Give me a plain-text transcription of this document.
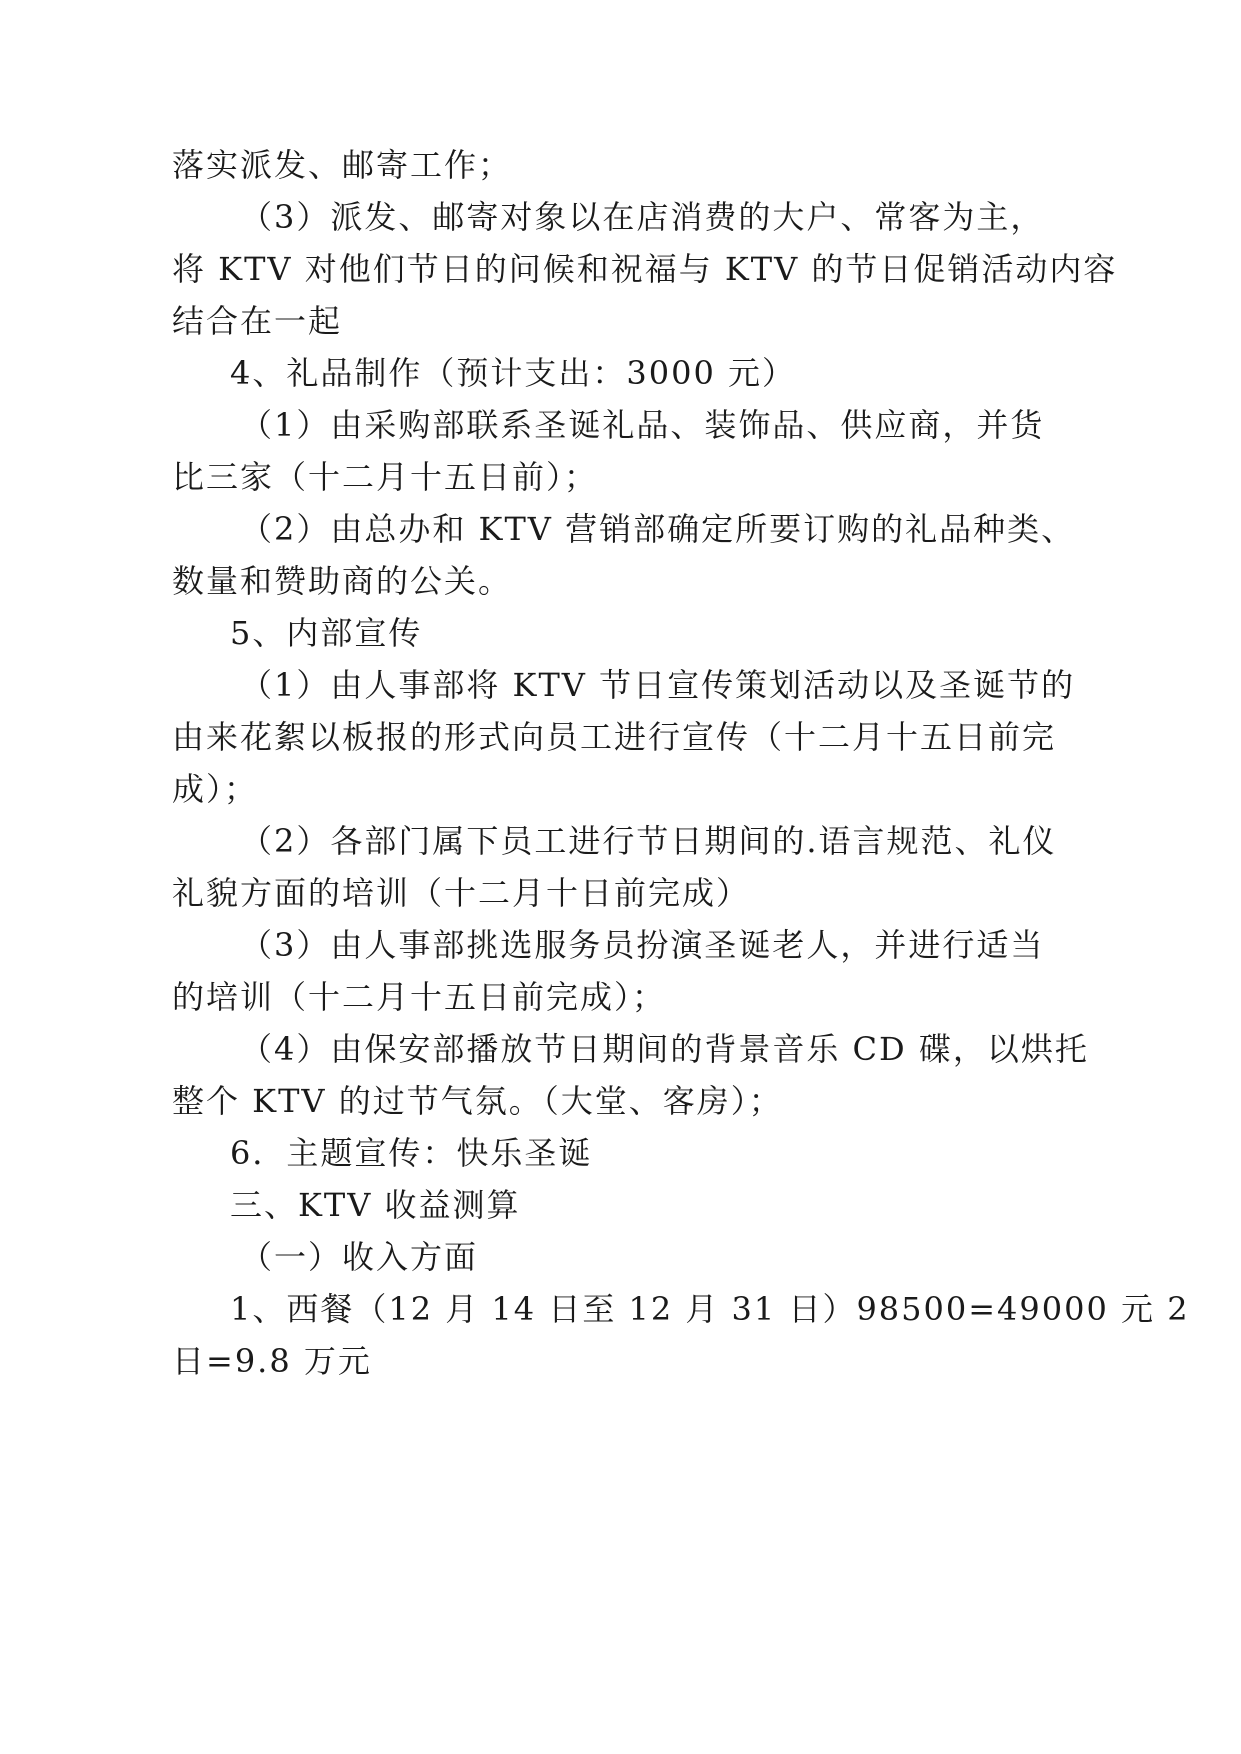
落实派发、邮寄工作；
（3）派发、邮寄对象以在店消费的大户、常客为主，
将 KTV 对他们节日的问候和祝福与 KTV 的节日促销活动内容
结合在一起
4、礼品制作（预计支出：3000 元）
（1）由采购部联系圣诞礼品、装饰品、供应商，并货
比三家（十二月十五日前）；
（2）由总办和 KTV 营销部确定所要订购的礼品种类、
数量和赞助商的公关。
5、内部宣传
（1）由人事部将 KTV 节日宣传策划活动以及圣诞节的
由来花絮以板报的形式向员工进行宣传（十二月十五日前完
成）；
（2）各部门属下员工进行节日期间的.语言规范、礼仪
礼貌方面的培训（十二月十日前完成）
（3）由人事部挑选服务员扮演圣诞老人，并进行适当
的培训（十二月十五日前完成）；
（4）由保安部播放节日期间的背景音乐 CD 碟，以烘托
整个 KTV 的过节气氛。（大堂、客房）；
6．主题宣传：快乐圣诞
三、KTV 收益测算
（一）收入方面
1、西餐（12 月 14 日至 12 月 31 日）98500=49000 元 2
日=9.8 万元
